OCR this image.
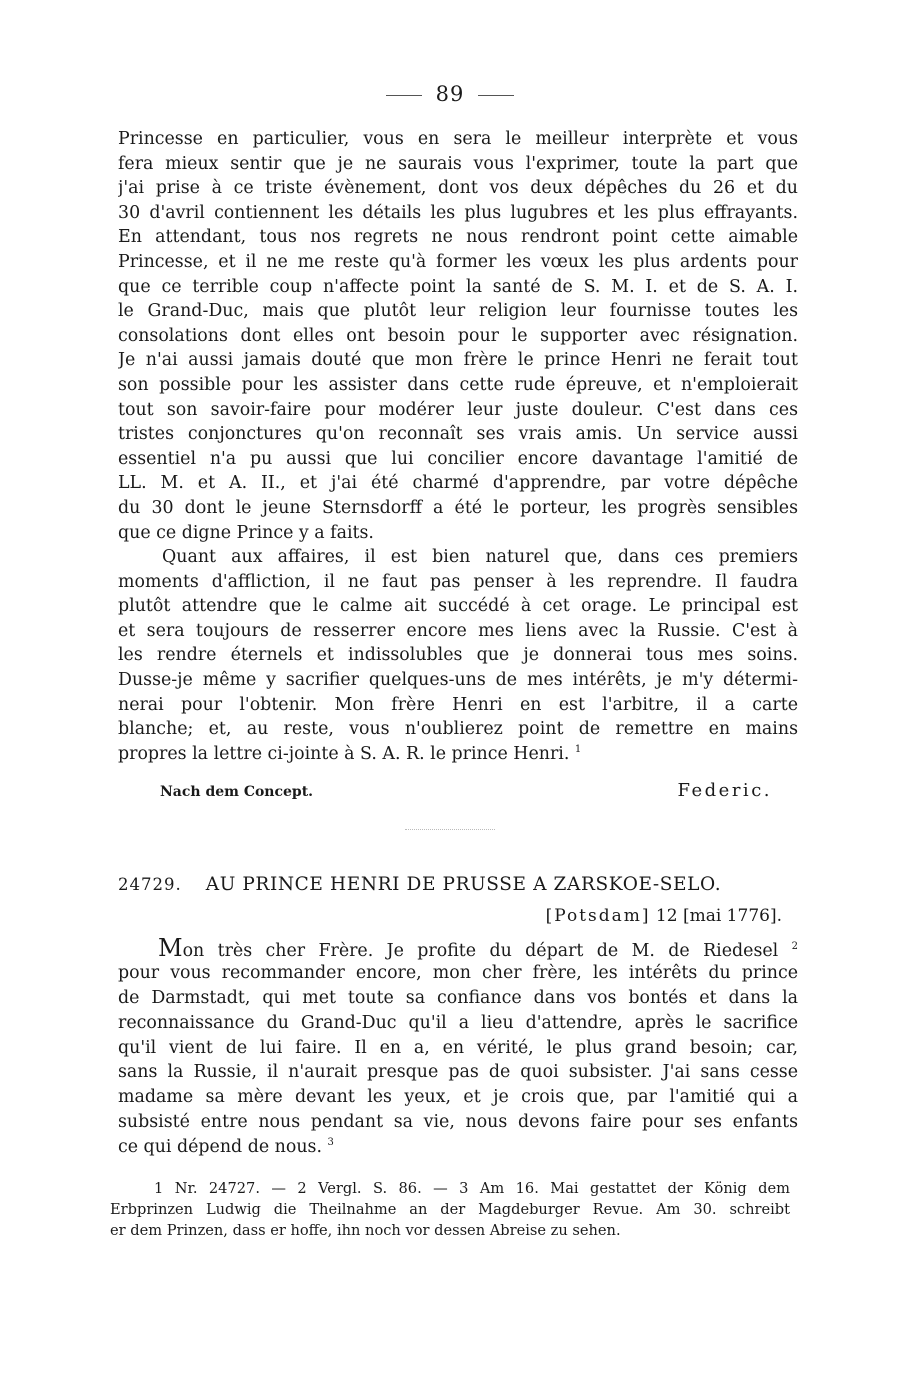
89
Princesse en particulier, vous en sera le meilleur interprète et vous
fera mieux sentir que je ne saurais vous l'exprimer, toute la part que
j'ai prise à ce triste évènement, dont vos deux dépêches du 26 et du
30 d'avril contiennent les détails les plus lugubres et les plus effrayants.
En attendant, tous nos regrets ne nous rendront point cette aimable
Princesse, et il ne me reste qu'à former les vœux les plus ardents pour
que ce terrible coup n'affecte point la santé de S. M. I. et de S. A. I.
le Grand-Duc, mais que plutôt leur religion leur fournisse toutes les
consolations dont elles ont besoin pour le supporter avec résignation.
Je n'ai aussi jamais douté que mon frère le prince Henri ne ferait tout
son possible pour les assister dans cette rude épreuve, et n'emploierait
tout son savoir-faire pour modérer leur juste douleur. C'est dans ces
tristes conjonctures qu'on reconnaît ses vrais amis. Un service aussi
essentiel n'a pu aussi que lui concilier encore davantage l'amitié de
LL. M. et A. II., et j'ai été charmé d'apprendre, par votre dépêche
du 30 dont le jeune Sternsdorff a été le porteur, les progrès sensibles
que ce digne Prince y a faits.
Quant aux affaires, il est bien naturel que, dans ces premiers
moments d'affliction, il ne faut pas penser à les reprendre. Il faudra
plutôt attendre que le calme ait succédé à cet orage. Le principal est
et sera toujours de resserrer encore mes liens avec la Russie. C'est à
les rendre éternels et indissolubles que je donnerai tous mes soins.
Dusse-je même y sacrifier quelques-uns de mes intérêts, je m'y détermi-
nerai pour l'obtenir. Mon frère Henri en est l'arbitre, il a carte
blanche; et, au reste, vous n'oublierez point de remettre en mains
propres la lettre ci-jointe à S. A. R. le prince Henri. $^1$
Nach dem Concept.	Federic.
24729. AU PRINCE HENRI DE PRUSSE A ZARSKOE-SELO.
[Potsdam] 12 [mai 1776].
Mon très cher Frère. Je profite du départ de M. de Riedesel $^2$
pour vous recommander encore, mon cher frère, les intérêts du prince
de Darmstadt, qui met toute sa confiance dans vos bontés et dans la
reconnaissance du Grand-Duc qu'il a lieu d'attendre, après le sacrifice
qu'il vient de lui faire. Il en a, en vérité, le plus grand besoin; car,
sans la Russie, il n'aurait presque pas de quoi subsister. J'ai sans cesse
madame sa mère devant les yeux, et je crois que, par l'amitié qui a
subsisté entre nous pendant sa vie, nous devons faire pour ses enfants
ce qui dépend de nous. $^3$
1 Nr. 24727. — 2 Vergl. S. 86. — 3 Am 16. Mai gestattet der König dem
Erbprinzen Ludwig die Theilnahme an der Magdeburger Revue. Am 30. schreibt
er dem Prinzen, dass er hoffe, ihn noch vor dessen Abreise zu sehen.
